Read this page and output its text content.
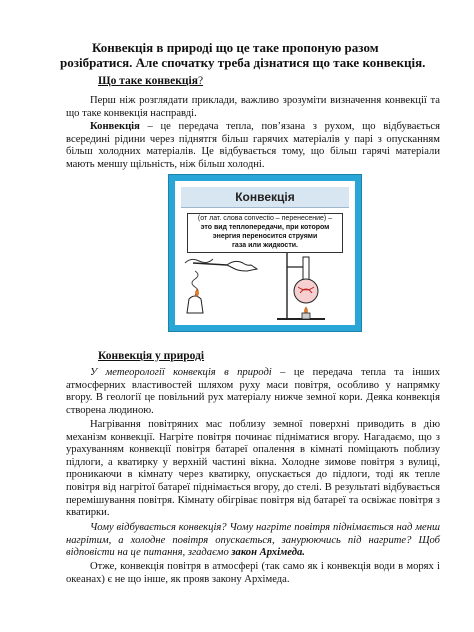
Конвекція в природі що це таке пропоную разом
розібратися. Але спочатку треба дізнатися що таке конвекція.
Що таке конвекція?
Перш ніж розглядати приклади, важливо зрозуміти визначення конвекції та що таке конвекція насправді.
Конвекція – це передача тепла, пов’язана з рухом, що відбувається всередині рідини через піднятгя більш гарячих матеріалів у парі з опусканням більш холодних матеріалів. Це відбувається тому, що більш гарячі матеріали мають меншу щільність, ніж більш холодні.
Конвекція
(от лат. слова convectio – перенесение) –
это вид теплопередачи, при котором
энергия переносится струями
газа или жидкости.
Конвекція у природі
У метеорології конвекція в природі – це передача тепла та інших атмосферних властивостей шляхом руху маси повітря, особливо у напрямку вгору. В геології це повільний рух матеріалу нижче земної кори. Деяка конвекція створена людиною.
Нагрівання повітряних мас поблизу земної поверхні приводить в дію механізм конвекції. Нагріте повітря починає підніматися вгору. Нагадаємо, що з урахуванням конвекції повітря батареї опалення в кімнаті поміщають поблизу підлоги, а кватирку у верхній частині вікна. Холодне зимове повітря з вулиці, проникаючи в кімнату через кватирку, опускається до підлоги, тоді як тепле повітря від нагрітої батареї піднімається вгору, до стелі. В результаті відбувається перемішування повітря. Кімнату обігріває повітря від батареї та освіжає повітря з кватирки.
Чому відбувається конвекція? Чому нагріте повітря піднімається над менш нагрітим, а холодне повітря опускається, занурюючись під нагрите? Щоб відповісти на це питання, згадаємо закон Архімеда.
Отже, конвекція повітря в атмосфері (так само як і конвекція води в морях і океанах) є не що інше, як прояв закону Архімеда.
